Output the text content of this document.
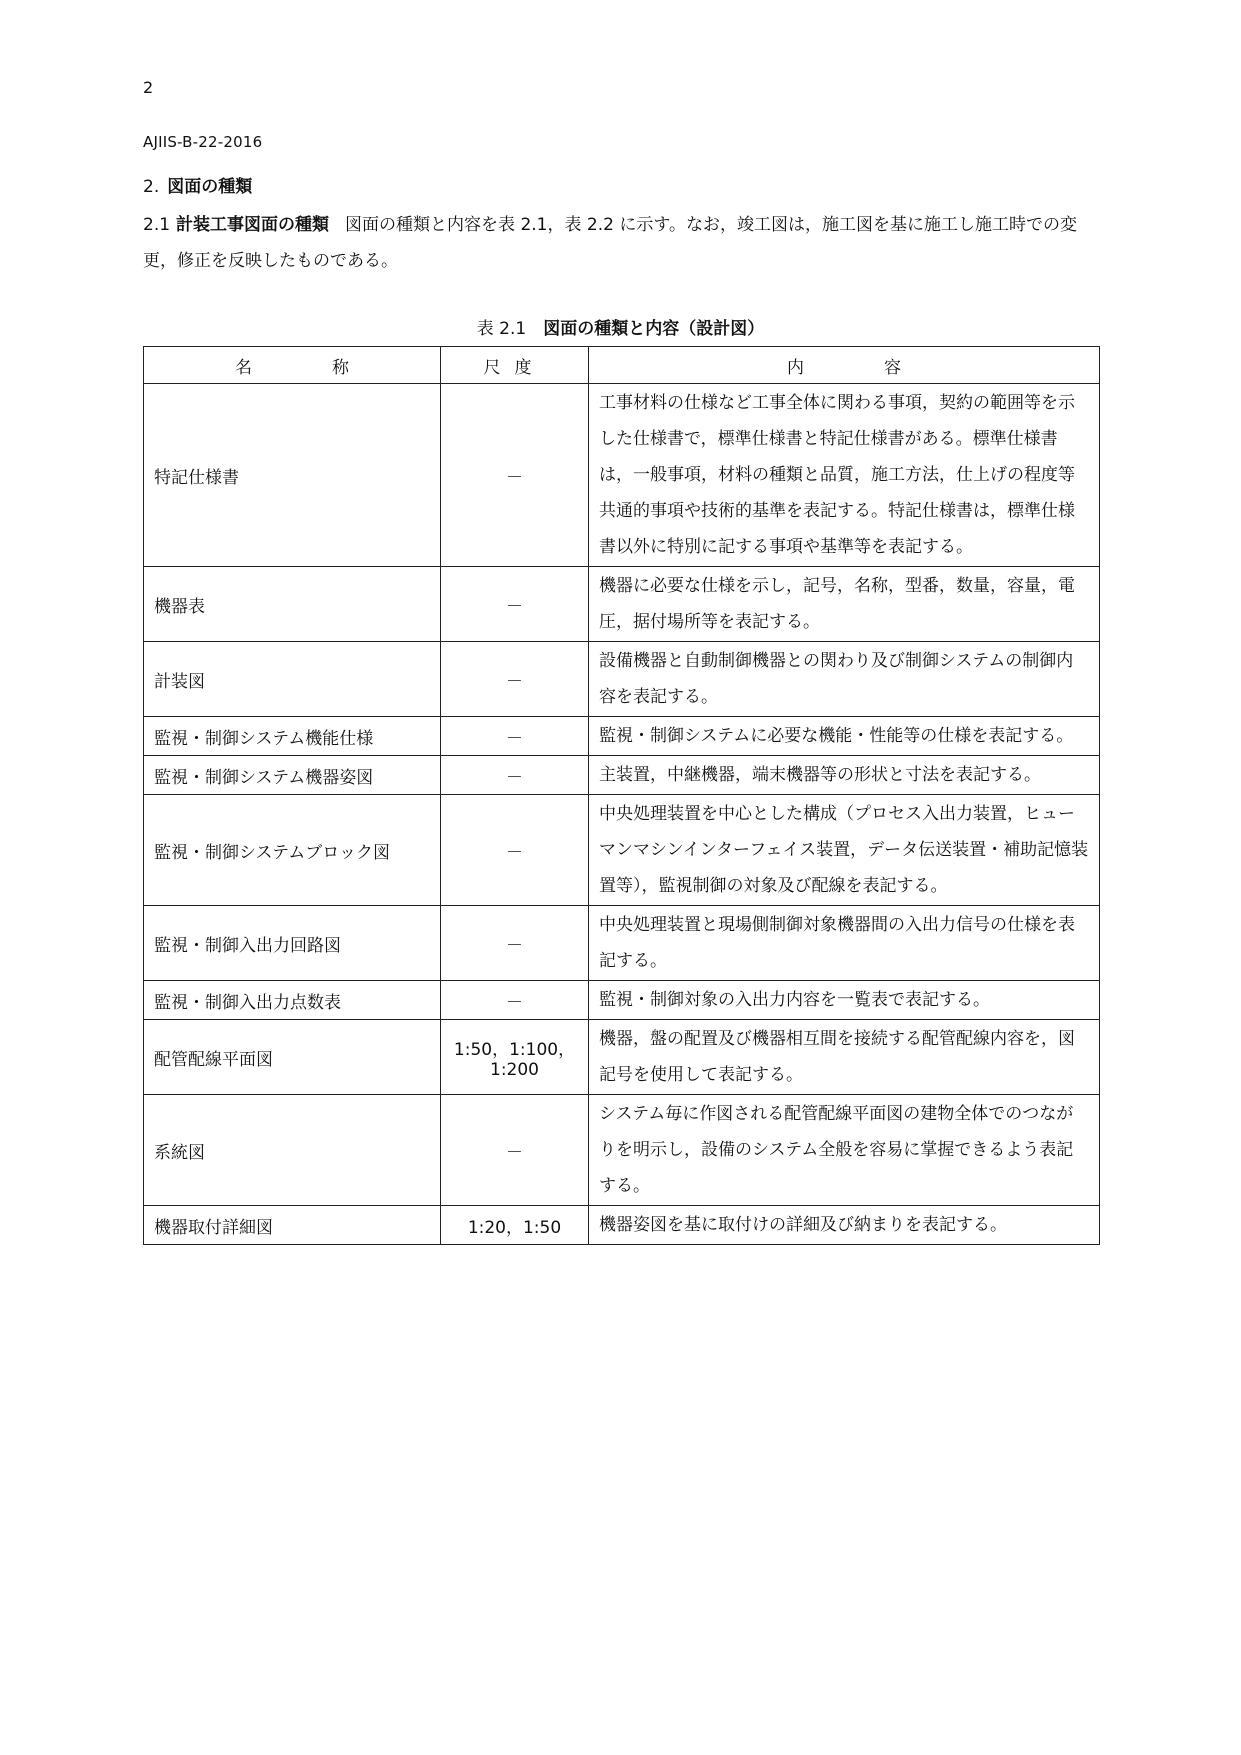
2
AJIIS-B-22-2016
2. 図面の種類
2.1 計装工事図面の種類 図面の種類と内容を表 2.1，表 2.2 に示す。なお，竣工図は，施工図を基に施工し施工時での変更，修正を反映したものである。
表 2.1　 図面の種類と内容（設計図）
名称	尺度	内容
特記仕様書	－	工事材料の仕様など工事全体に関わる事項，契約の範囲等を示した仕様書で，標準仕様書と特記仕様書がある。標準仕様書は，一般事項，材料の種類と品質，施工方法，仕上げの程度等共通的事項や技術的基準を表記する。特記仕様書は，標準仕様書以外に特別に記する事項や基準等を表記する。
機器表	－	機器に必要な仕様を示し，記号，名称，型番，数量，容量，電圧，据付場所等を表記する。
計装図	－	設備機器と自動制御機器との関わり及び制御システムの制御内容を表記する。
監視・制御システム機能仕様	－	監視・制御システムに必要な機能・性能等の仕様を表記する。
監視・制御システム機器姿図	－	主装置，中継機器，端末機器等の形状と寸法を表記する。
監視・制御システムブロック図	－	中央処理装置を中心とした構成（プロセス入出力装置，ヒューマンマシンインターフェイス装置，データ伝送装置・補助記憶装置等），監視制御の対象及び配線を表記する。
監視・制御入出力回路図	－	中央処理装置と現場側制御対象機器間の入出力信号の仕様を表記する。
監視・制御入出力点数表	－	監視・制御対象の入出力内容を一覧表で表記する。
配管配線平面図	1:50，1:100，1:200	機器，盤の配置及び機器相互間を接続する配管配線内容を，図記号を使用して表記する。
系統図	－	システム毎に作図される配管配線平面図の建物全体でのつながりを明示し，設備のシステム全般を容易に掌握できるよう表記する。
機器取付詳細図	1:20，1:50	機器姿図を基に取付けの詳細及び納まりを表記する。
